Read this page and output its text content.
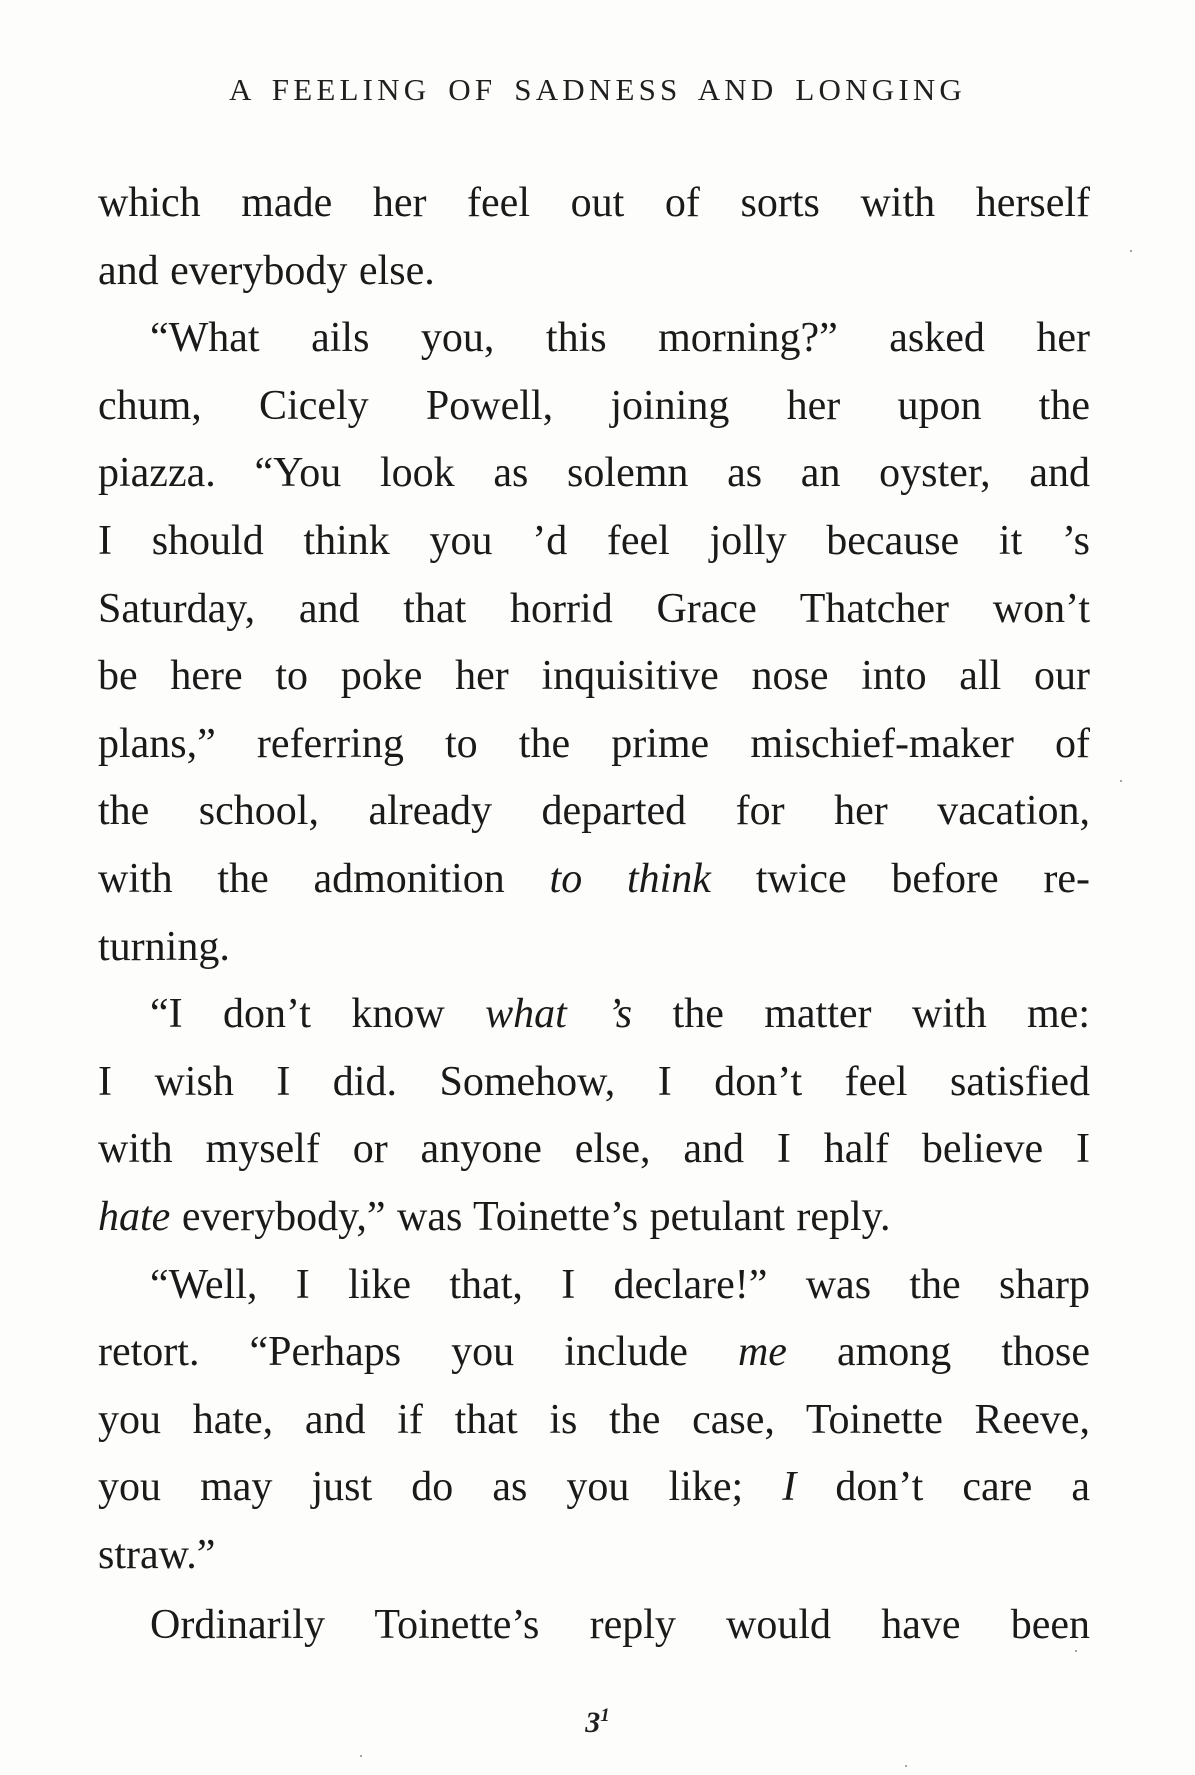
A FEELING OF SADNESS AND LONGING
which made her feel out of sorts with herself
and everybody else.
“What ails you, this morning?” asked her
chum, Cicely Powell, joining her upon the
piazza. “You look as solemn as an oyster, and
I should think you ’d feel jolly because it ’s
Saturday, and that horrid Grace Thatcher won’t
be here to poke her inquisitive nose into all our
plans,” referring to the prime mischief-maker of
the school, already departed for her vacation,
with the admonition to think twice before re-
turning.
“I don’t know what ’s the matter with me:
I wish I did. Somehow, I don’t feel satisfied
with myself or anyone else, and I half believe I
hate everybody,” was Toinette’s petulant reply.
“Well, I like that, I declare!” was the sharp
retort. “Perhaps you include me among those
you hate, and if that is the case, Toinette Reeve,
you may just do as you like; I don’t care a
straw.”
Ordinarily Toinette’s reply would have been
$3^1$
